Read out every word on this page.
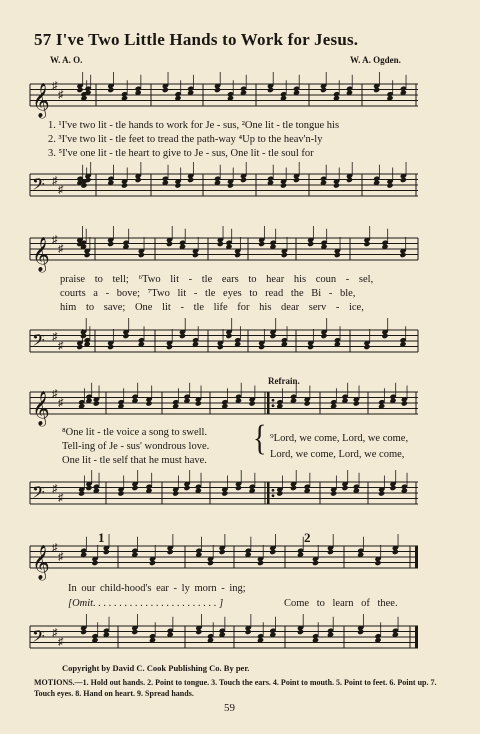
57 I've Two Little Hands to Work for Jesus.
W. A. O.	W. A. Ogden.
𝄞 ♯
♯
1. ¹I've two lit - tle hands to work for Je - sus, ²One lit - tle tongue his
2. ³I've two lit - tle feet to tread the path-way ⁴Up to the heav'n-ly
3. ⁵I've one lit - tle heart to give to Je - sus, One lit - tle soul for
𝄢 ♯
♯
𝄞 ♯
♯
praise to tell; ⁶Two lit - tle ears to hear his coun - sel,
courts a - bove; ⁷Two lit - tle eyes to read the Bi - ble,
him to save; One lit - tle life for his dear serv - ice,
𝄢 ♯
♯
Refrain.
𝄞 ♯
♯
⁸One lit - tle voice a song to swell.
Tell-ing of Je - sus' wondrous love.
One lit - tle self that he must have.
{ ⁹Lord, we come, Lord, we come,
Lord, we come, Lord, we come,
𝄢 ♯
♯
𝄞 ♯
♯
1	2
In our child-hood's ear - ly morn - ing;
[Omit. . . . . . . . . . . . . . . . . . . . . . . . ]	Come to learn of thee.
𝄢 ♯
♯
Copyright by David C. Cook Publishing Co. By per.
MOTIONS.—1. Hold out hands. 2. Point to tongue. 3. Touch the ears. 4. Point to mouth. 5. Point to feet. 6. Point up. 7. Touch eyes. 8. Hand on heart. 9. Spread hands.
59
